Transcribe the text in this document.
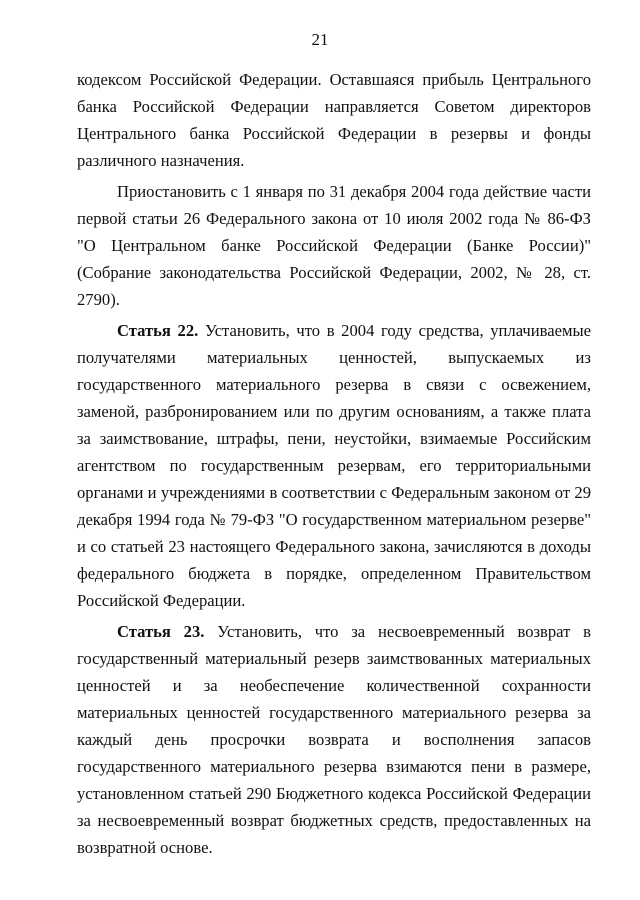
21

кодексом Российской Федерации. Оставшаяся прибыль Центрального банка Российской Федерации направляется Советом директоров Центрального банка Российской Федерации в резервы и фонды различного назначения.

Приостановить с 1 января по 31 декабря 2004 года действие части первой статьи 26 Федерального закона от 10 июля 2002 года № 86-ФЗ "О Центральном банке Российской Федерации (Банке России)" (Собрание законодательства Российской Федерации, 2002, № 28, ст. 2790).

Статья 22. Установить, что в 2004 году средства, уплачиваемые получателями материальных ценностей, выпускаемых из государственного материального резерва в связи с освежением, заменой, разбронированием или по другим основаниям, а также плата за заимствование, штрафы, пени, неустойки, взимаемые Российским агентством по государственным резервам, его территориальными органами и учреждениями в соответствии с Федеральным законом от 29 декабря 1994 года № 79-ФЗ "О государственном материальном резерве" и со статьей 23 настоящего Федерального закона, зачисляются в доходы федерального бюджета в порядке, определенном Правительством Российской Федерации.

Статья 23. Установить, что за несвоевременный возврат в государственный материальный резерв заимствованных материальных ценностей и за необеспечение количественной сохранности материальных ценностей государственного материального резерва за каждый день просрочки возврата и восполнения запасов государственного материального резерва взимаются пени в размере, установленном статьей 290 Бюджетного кодекса Российской Федерации за несвоевременный возврат бюджетных средств, предоставленных на возвратной основе.
